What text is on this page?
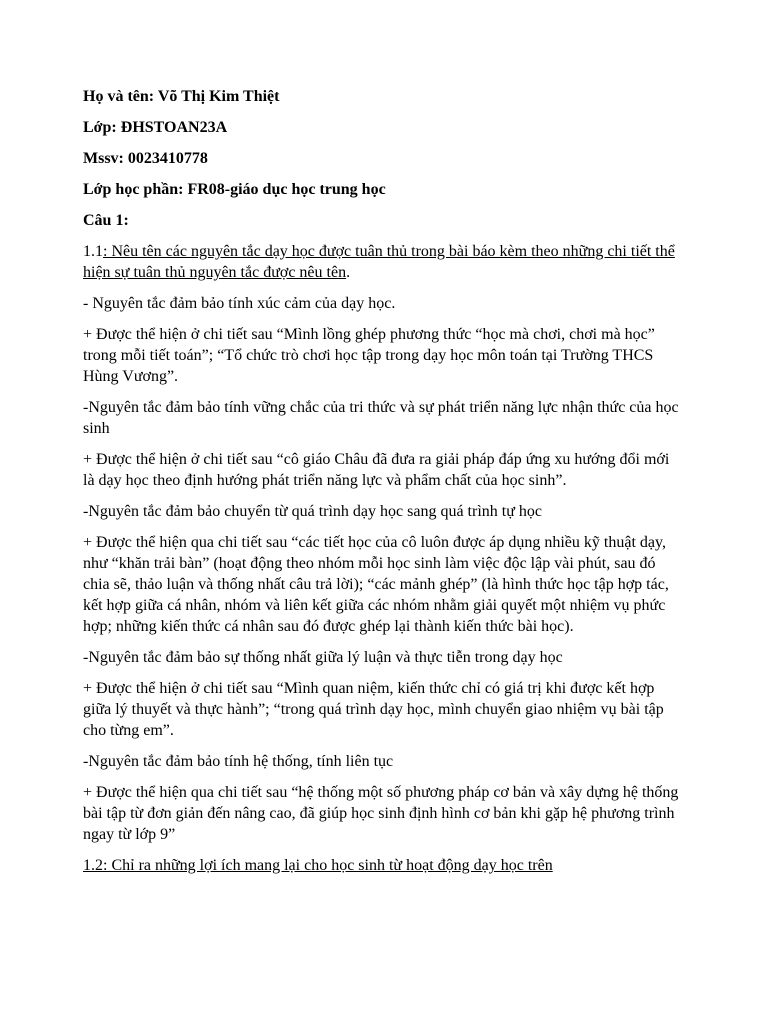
Họ và tên: Võ Thị Kim Thiệt

Lớp: ĐHSTOAN23A

Mssv: 0023410778

Lớp học phần: FR08-giáo dục học trung học

Câu 1:

1.1: Nêu tên các nguyên tắc dạy học được tuân thủ trong bài báo kèm theo những chi tiết thể hiện sự tuân thủ nguyên tắc được nêu tên.

- Nguyên tắc đảm bảo tính xúc cảm của dạy học.

+ Được thể hiện ở chi tiết sau “Mình lồng ghép phương thức “học mà chơi, chơi mà học” trong mỗi tiết toán”; “Tổ chức trò chơi học tập trong dạy học môn toán tại Trường THCS Hùng Vương”.

-Nguyên tắc đảm bảo tính vững chắc của tri thức và sự phát triển năng lực nhận thức của học sinh

+ Được thể hiện ở chi tiết sau “cô giáo Châu đã đưa ra giải pháp đáp ứng xu hướng đổi mới là dạy học theo định hướng phát triển năng lực và phẩm chất của học sinh”.

-Nguyên tắc đảm bảo chuyển từ quá trình dạy học sang quá trình tự học

+ Được thể hiện qua chi tiết sau “các tiết học của cô luôn được áp dụng nhiều kỹ thuật dạy, như “khăn trải bàn” (hoạt động theo nhóm mỗi học sinh làm việc độc lập vài phút, sau đó chia sẽ, thảo luận và thống nhất câu trả lời); “các mảnh ghép” (là hình thức học tập hợp tác, kết hợp giữa cá nhân, nhóm và liên kết giữa các nhóm nhằm giải quyết một nhiệm vụ phức hợp; những kiến thức cá nhân sau đó được ghép lại thành kiến thức bài học).

-Nguyên tắc đảm bảo sự thống nhất giữa lý luận và thực tiễn trong dạy học

+ Được thể hiện ở chi tiết sau “Mình quan niệm, kiến thức chỉ có giá trị khi được kết hợp giữa lý thuyết và thực hành”; “trong quá trình dạy học, mình chuyển giao nhiệm vụ bài tập cho từng em”.

-Nguyên tắc đảm bảo tính hệ thống, tính liên tục

+ Được thể hiện qua chi tiết sau “hệ thống một số phương pháp cơ bản và xây dựng hệ thống bài tập từ đơn giản đến nâng cao, đã giúp học sinh định hình cơ bản khi gặp hệ phương trình ngay từ lớp 9”

1.2: Chỉ ra những lợi ích mang lại cho học sinh từ hoạt động dạy học trên
